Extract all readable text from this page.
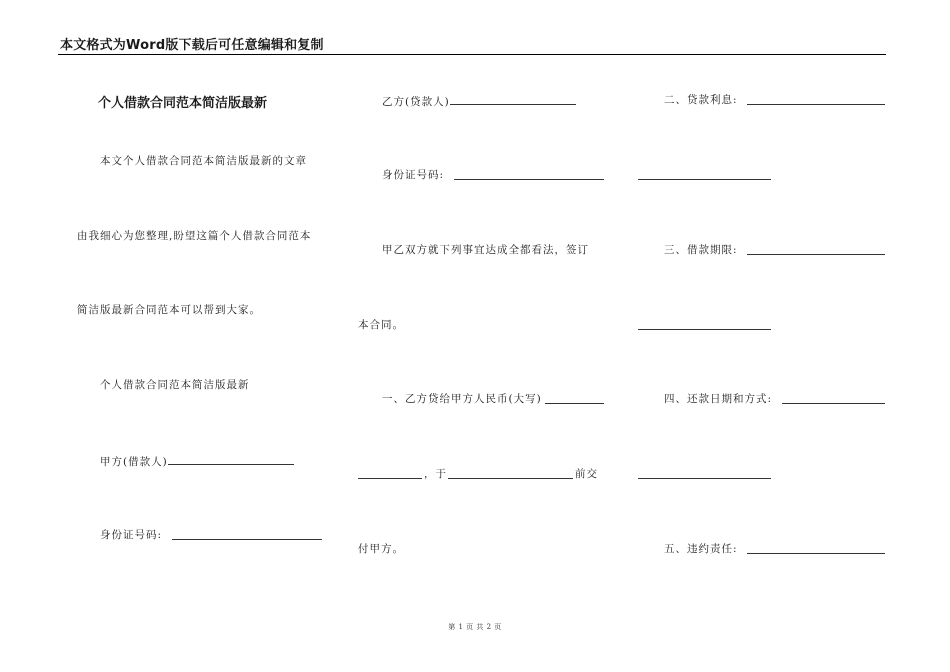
本文格式为Word版下载后可任意编辑和复制
个人借款合同范本简洁版最新
本文个人借款合同范本简洁版最新的文章
由我细心为您整理,盼望这篇个人借款合同范本
简洁版最新合同范本可以帮到大家。
个人借款合同范本简洁版最新
甲方(借款人)
身份证号码:
乙方(贷款人)
身份证号码:
甲乙双方就下列事宜达成全都看法，签订
本合同。
一、乙方贷给甲方人民币(大写)
，于	前交
付甲方。
二、贷款利息:
三、借款期限:
四、还款日期和方式:
五、违约责任:
第 1 页 共 2 页
